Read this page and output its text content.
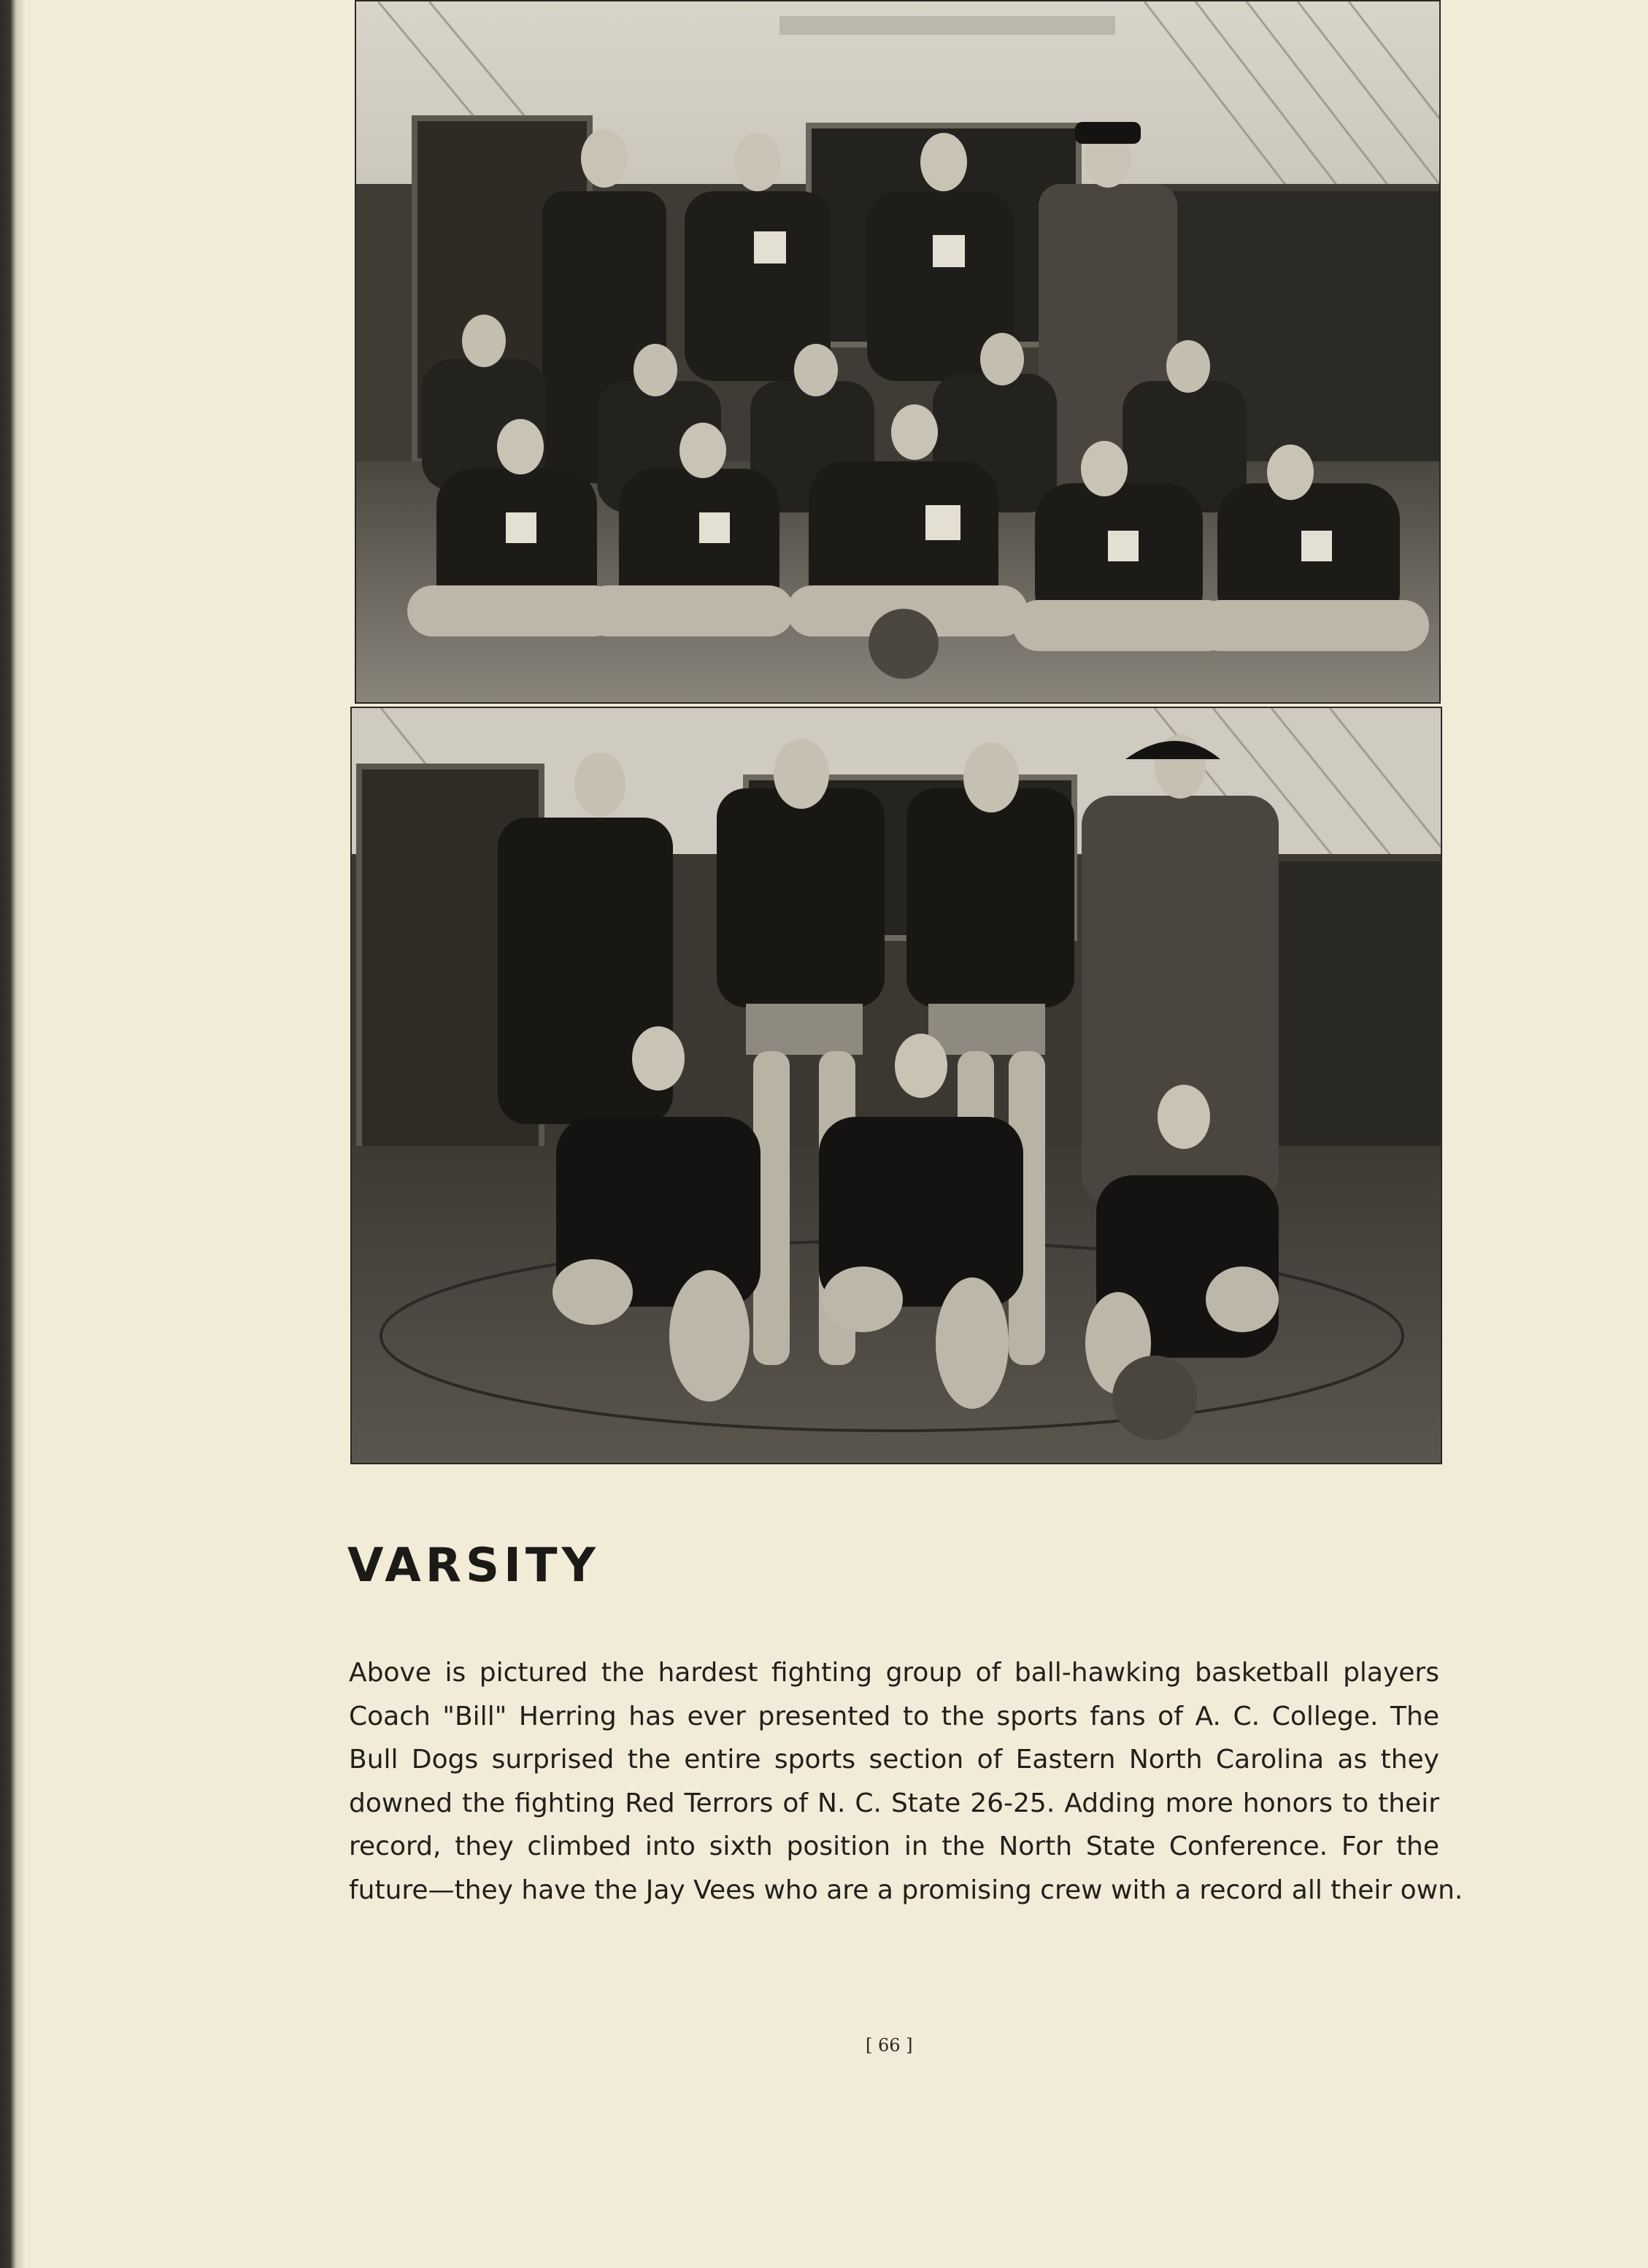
VARSITY

Above is pictured the hardest fighting group of ball-hawking basketball players
Coach "Bill" Herring has ever presented to the sports fans of A. C. College. The
Bull Dogs surprised the entire sports section of Eastern North Carolina as they
downed the fighting Red Terrors of N. C. State 26-25. Adding more honors to their
record, they climbed into sixth position in the North State Conference. For the
future—they have the Jay Vees who are a promising crew with a record all their own.

[ 66 ]
